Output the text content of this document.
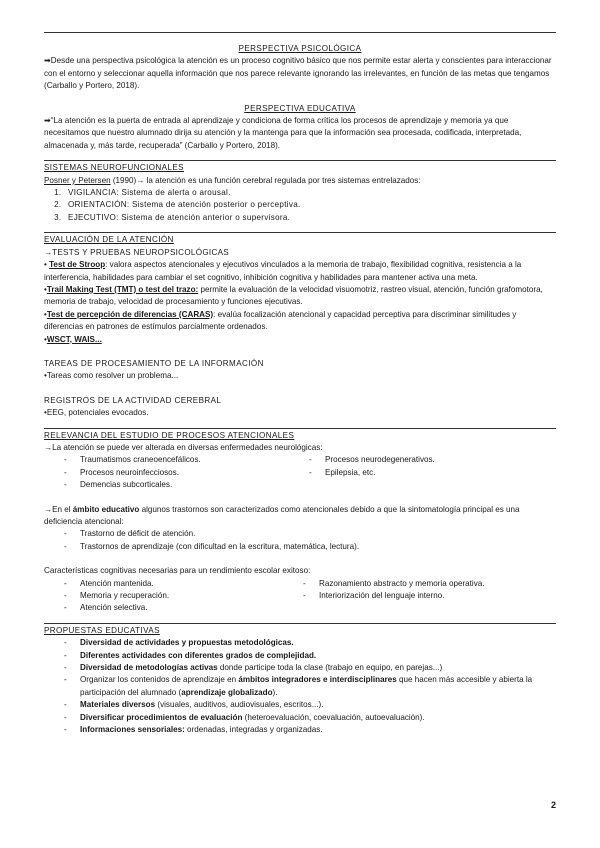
PERSPECTIVA PSICOLÓGICA

➡Desde una perspectiva psicológica la atención es un proceso cognitivo básico que nos permite estar alerta y conscientes para interaccionar con el entorno y seleccionar aquella información que nos parece relevante ignorando las irrelevantes, en función de las metas que tengamos (Carballo y Portero, 2018).

PERSPECTIVA EDUCATIVA

➡“La atención es la puerta de entrada al aprendizaje y condiciona de forma crítica los procesos de aprendizaje y memoria ya que necesitamos que nuestro alumnado dirija su atención y la mantenga para que la información sea procesada, codificada, interpretada, almacenada y, más tarde, recuperada” (Carballo y Portero, 2018).

SISTEMAS NEUROFUNCIONALES

Posner y Petersen (1990)→ la atención es una función cerebral regulada por tres sistemas entrelazados:

1. VIGILANCIA: Sistema de alerta o arousal.
2. ORIENTACIÓN: Sistema de atención posterior o perceptiva.
3. EJECUTIVO: Sistema de atención anterior o supervisora.

EVALUACIÓN DE LA ATENCIÓN

→TESTS Y PRUEBAS NEUROPSICOLÓGICAS

• Test de Stroop: valora aspectos atencionales y ejecutivos vinculados a la memoria de trabajo, flexibilidad cognitiva, resistencia a la interferencia, habilidades para cambiar el set cognitivo, inhibición cognitiva y habilidades para mantener activa una meta.

•Trail Making Test (TMT) o test del trazo: permite la evaluación de la velocidad visuomotriz, rastreo visual, atención, función grafomotora, memoria de trabajo, velocidad de procesamiento y funciones ejecutivas.

•Test de percepción de diferencias (CARAS): evalúa focalización atencional y capacidad perceptiva para discriminar similitudes y diferencias en patrones de estímulos parcialmente ordenados.

•WSCT, WAIS...

TAREAS DE PROCESAMIENTO DE LA INFORMACIÓN

•Tareas como resolver un problema...

REGISTROS DE LA ACTIVIDAD CEREBRAL

•EEG, potenciales evocados.

RELEVANCIA DEL ESTUDIO DE PROCESOS ATENCIONALES

→La atención se puede ver alterada en diversas enfermedades neurológicas:

- Traumatismos craneoencefálicos.
- Procesos neuroinfecciosos.
- Demencias subcorticales.
- Procesos neurodegenerativos.
- Epilepsia, etc.

→En el ámbito educativo algunos trastornos son caracterizados como atencionales debido a que la sintomatología principal es una deficiencia atencional:

- Trastorno de déficit de atención.
- Trastornos de aprendizaje (con dificultad en la escritura, matemática, lectura).

Características cognitivas necesarias para un rendimiento escolar exitoso:

- Atención mantenida.
- Memoria y recuperación.
- Atención selectiva.
- Razonamiento abstracto y memoria operativa.
- Interiorización del lenguaje interno.

PROPUESTAS EDUCATIVAS

- Diversidad de actividades y propuestas metodológicas.
- Diferentes actividades con diferentes grados de complejidad.
- Diversidad de metodologías activas donde participe toda la clase (trabajo en equipo, en parejas...)
- Organizar los contenidos de aprendizaje en ámbitos integradores e interdisciplinares que hacen más accesible y abierta la participación del alumnado (aprendizaje globalizado).
- Materiales diversos (visuales, auditivos, audiovisuales, escritos...).
- Diversificar procedimientos de evaluación (heteroevaluación, coevaluación, autoevaluación).
- Informaciones sensoriales: ordenadas, integradas y organizadas.
2
